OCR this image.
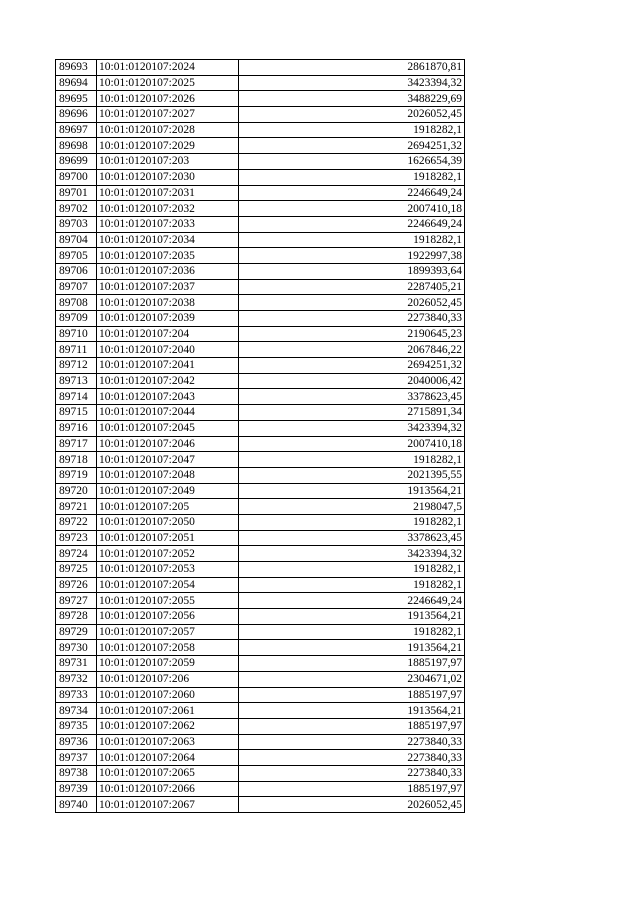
89693	10:01:0120107:2024	2861870,81
89694	10:01:0120107:2025	3423394,32
89695	10:01:0120107:2026	3488229,69
89696	10:01:0120107:2027	2026052,45
89697	10:01:0120107:2028	1918282,1
89698	10:01:0120107:2029	2694251,32
89699	10:01:0120107:203	1626654,39
89700	10:01:0120107:2030	1918282,1
89701	10:01:0120107:2031	2246649,24
89702	10:01:0120107:2032	2007410,18
89703	10:01:0120107:2033	2246649,24
89704	10:01:0120107:2034	1918282,1
89705	10:01:0120107:2035	1922997,38
89706	10:01:0120107:2036	1899393,64
89707	10:01:0120107:2037	2287405,21
89708	10:01:0120107:2038	2026052,45
89709	10:01:0120107:2039	2273840,33
89710	10:01:0120107:204	2190645,23
89711	10:01:0120107:2040	2067846,22
89712	10:01:0120107:2041	2694251,32
89713	10:01:0120107:2042	2040006,42
89714	10:01:0120107:2043	3378623,45
89715	10:01:0120107:2044	2715891,34
89716	10:01:0120107:2045	3423394,32
89717	10:01:0120107:2046	2007410,18
89718	10:01:0120107:2047	1918282,1
89719	10:01:0120107:2048	2021395,55
89720	10:01:0120107:2049	1913564,21
89721	10:01:0120107:205	2198047,5
89722	10:01:0120107:2050	1918282,1
89723	10:01:0120107:2051	3378623,45
89724	10:01:0120107:2052	3423394,32
89725	10:01:0120107:2053	1918282,1
89726	10:01:0120107:2054	1918282,1
89727	10:01:0120107:2055	2246649,24
89728	10:01:0120107:2056	1913564,21
89729	10:01:0120107:2057	1918282,1
89730	10:01:0120107:2058	1913564,21
89731	10:01:0120107:2059	1885197,97
89732	10:01:0120107:206	2304671,02
89733	10:01:0120107:2060	1885197,97
89734	10:01:0120107:2061	1913564,21
89735	10:01:0120107:2062	1885197,97
89736	10:01:0120107:2063	2273840,33
89737	10:01:0120107:2064	2273840,33
89738	10:01:0120107:2065	2273840,33
89739	10:01:0120107:2066	1885197,97
89740	10:01:0120107:2067	2026052,45
